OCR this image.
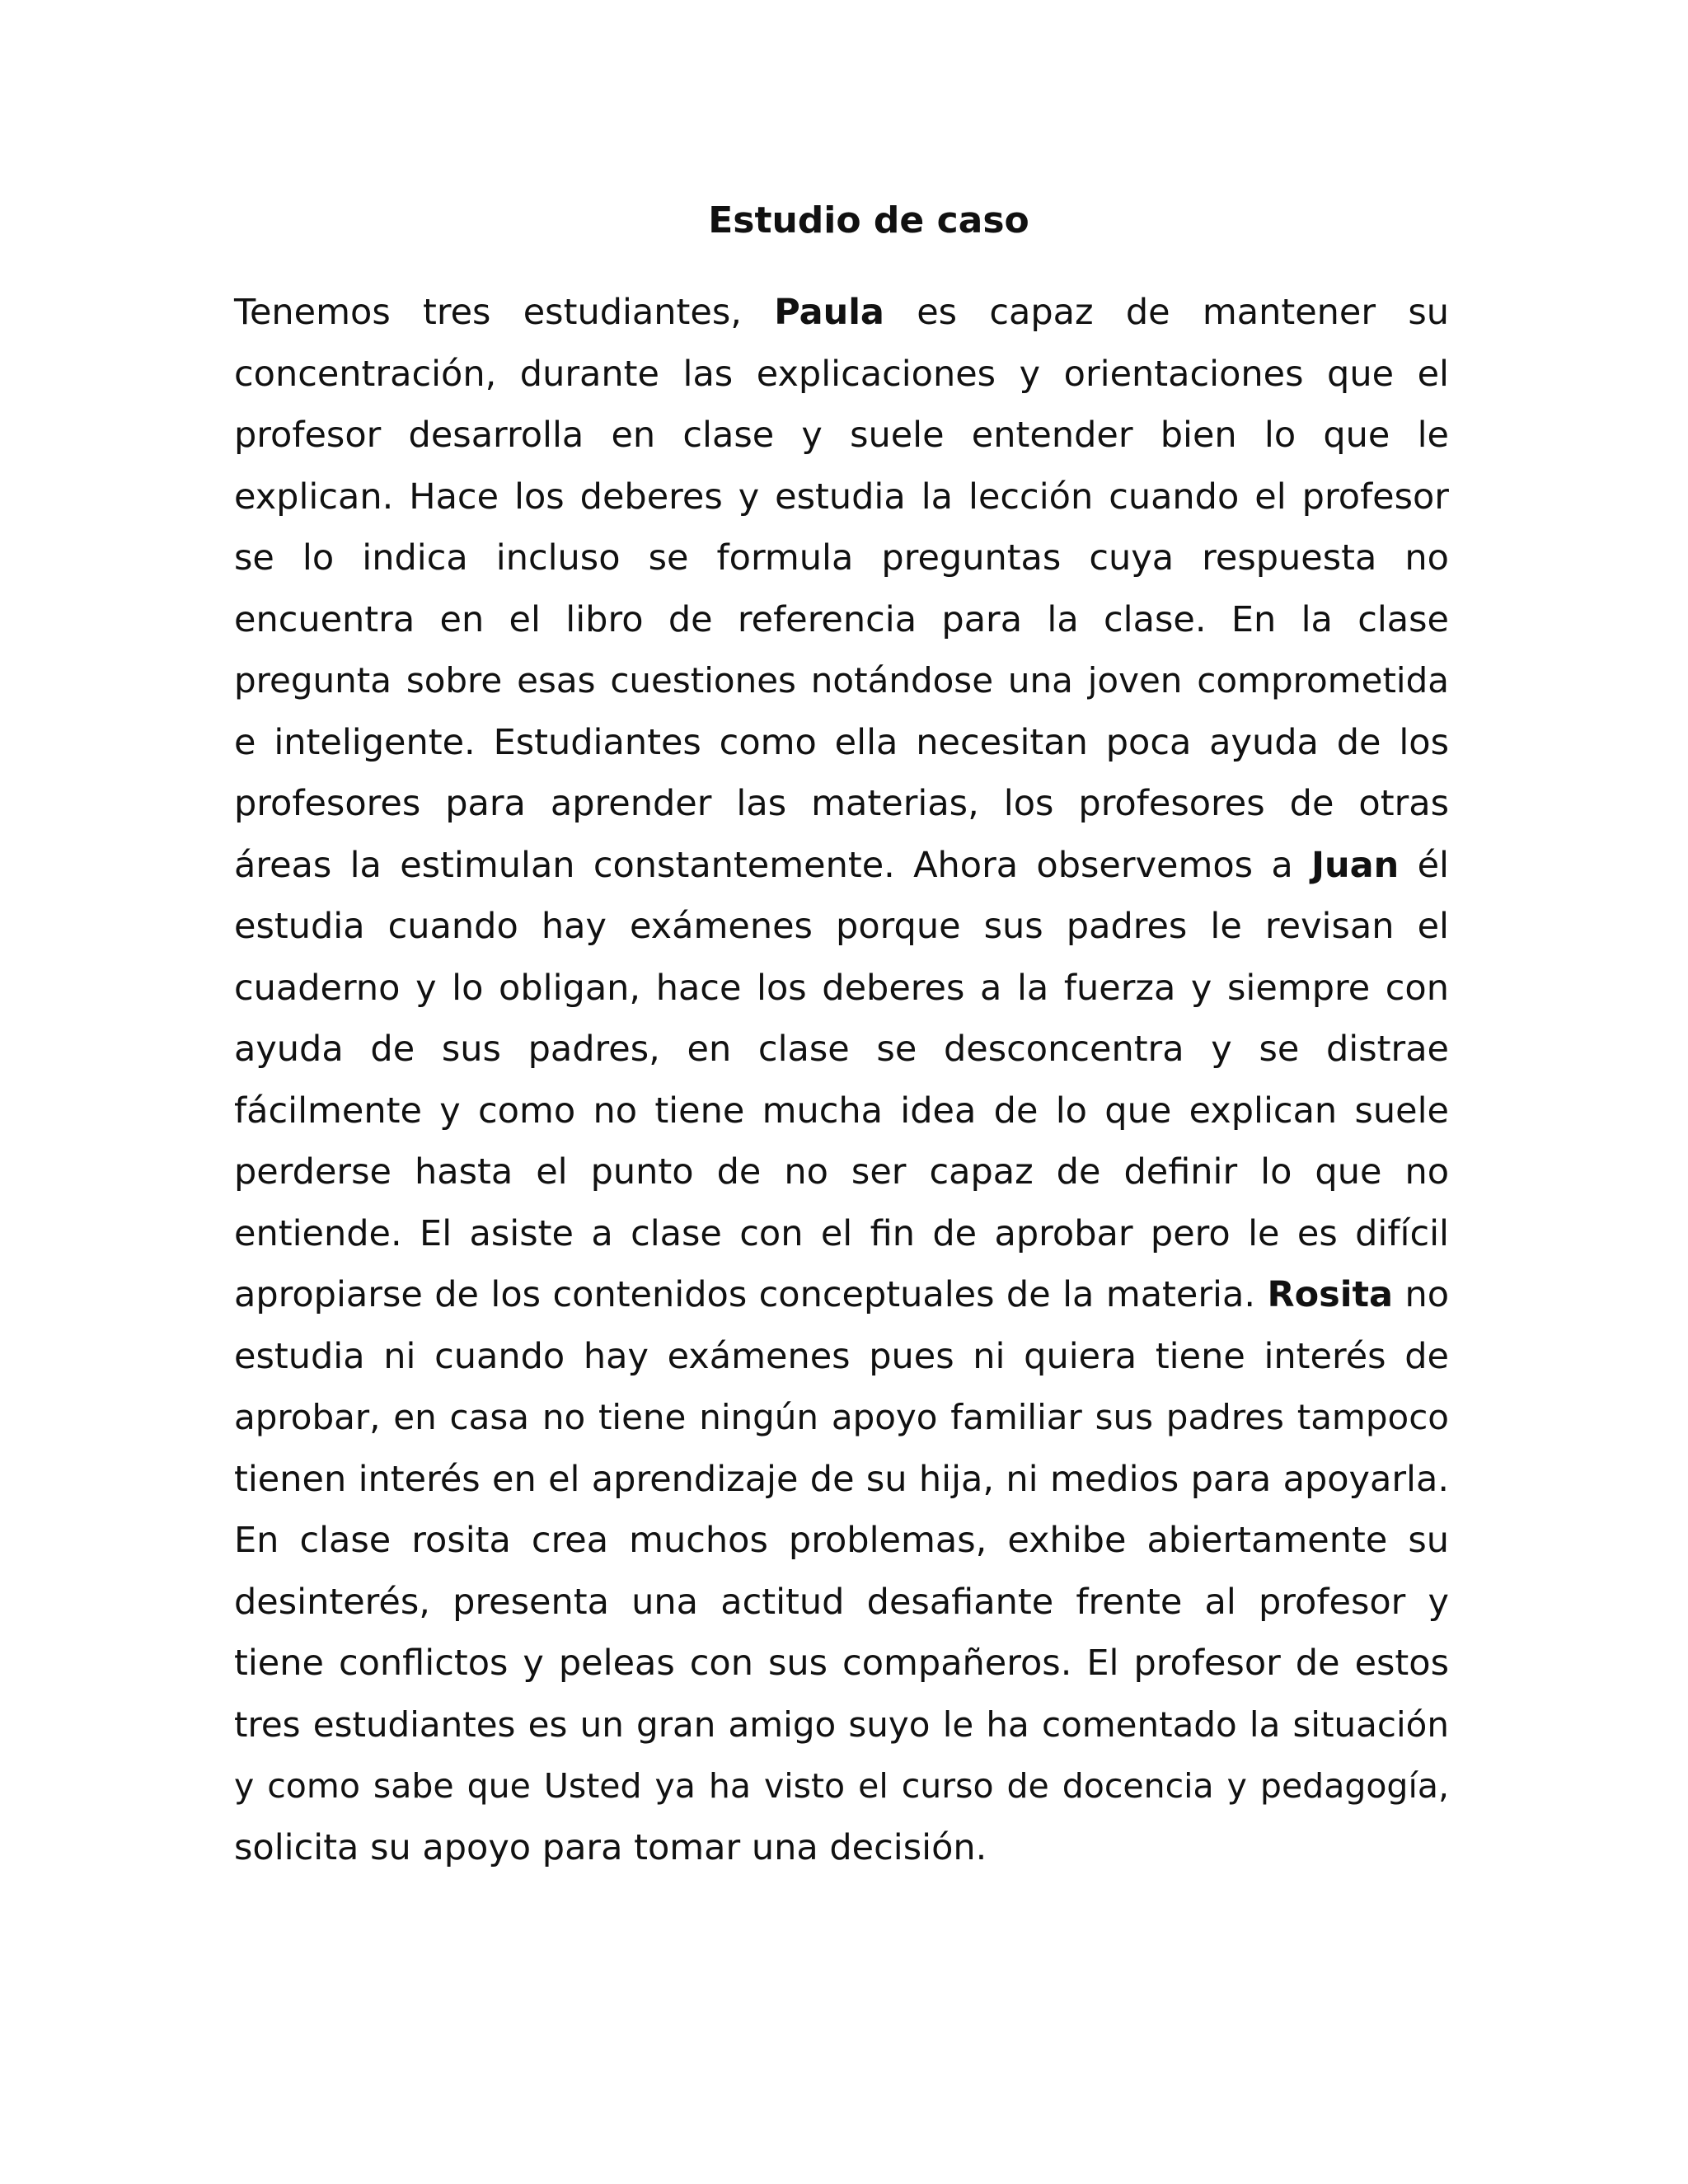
Estudio de caso
Tenemos tres estudiantes, Paula es capaz de mantener su
concentración, durante las explicaciones y orientaciones que el
profesor desarrolla en clase y suele entender bien lo que le
explican. Hace los deberes y estudia la lección cuando el profesor
se lo indica incluso se formula preguntas cuya respuesta no
encuentra en el libro de referencia para la clase. En la clase
pregunta sobre esas cuestiones notándose una joven comprometida
e inteligente. Estudiantes como ella necesitan poca ayuda de los
profesores para aprender las materias, los profesores de otras
áreas la estimulan constantemente. Ahora observemos a Juan él
estudia cuando hay exámenes porque sus padres le revisan el
cuaderno y lo obligan, hace los deberes a la fuerza y siempre con
ayuda de sus padres, en clase se desconcentra y se distrae
fácilmente y como no tiene mucha idea de lo que explican suele
perderse hasta el punto de no ser capaz de definir lo que no
entiende. El asiste a clase con el fin de aprobar pero le es difícil
apropiarse de los contenidos conceptuales de la materia. Rosita no
estudia ni cuando hay exámenes pues ni quiera tiene interés de
aprobar, en casa no tiene ningún apoyo familiar sus padres tampoco
tienen interés en el aprendizaje de su hija, ni medios para apoyarla.
En clase rosita crea muchos problemas, exhibe abiertamente su
desinterés, presenta una actitud desafiante frente al profesor y
tiene conflictos y peleas con sus compañeros. El profesor de estos
tres estudiantes es un gran amigo suyo le ha comentado la situación
y como sabe que Usted ya ha visto el curso de docencia y pedagogía,
solicita su apoyo para tomar una decisión.
